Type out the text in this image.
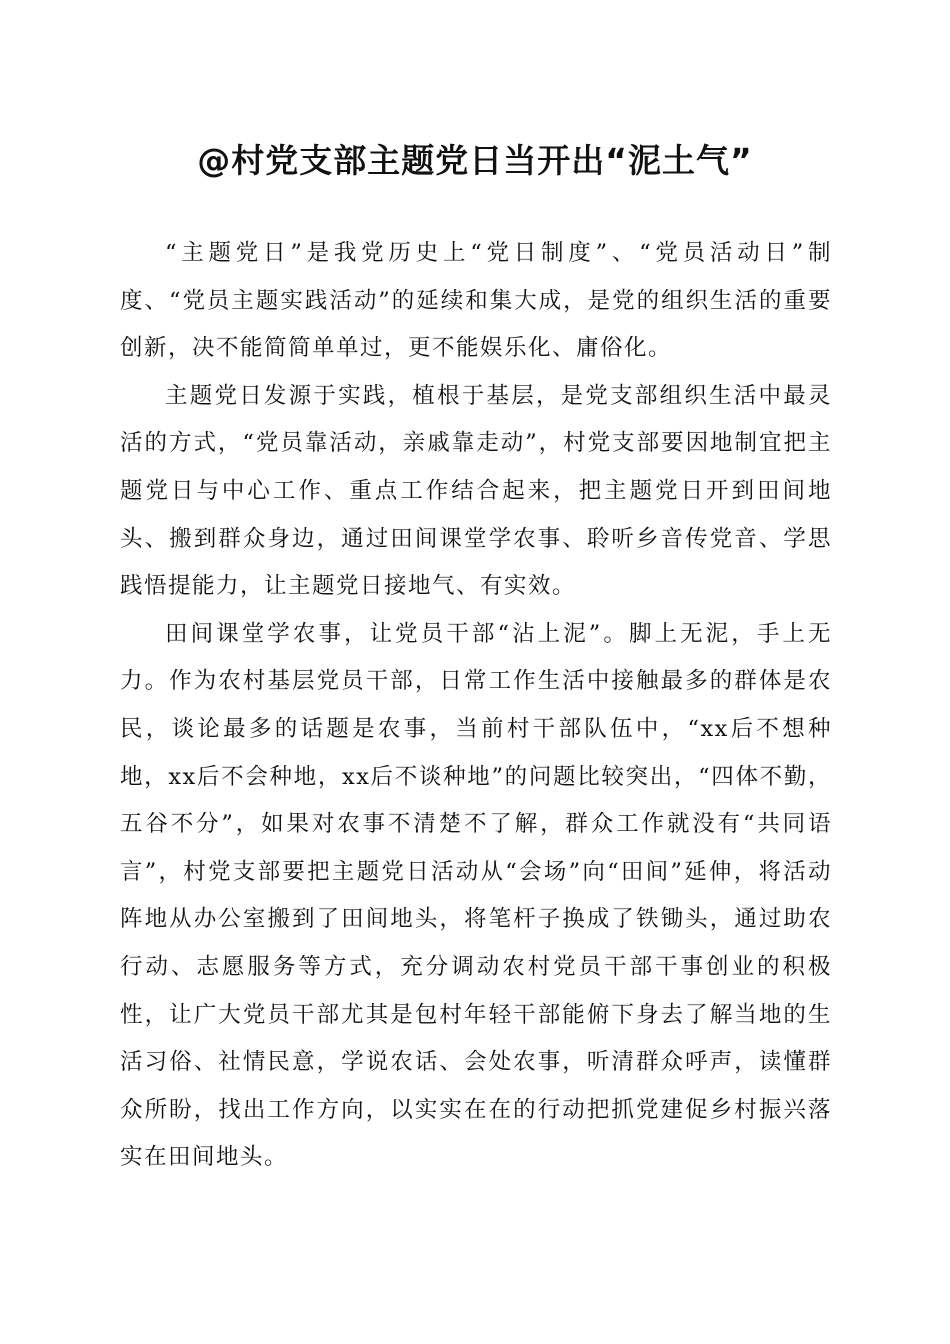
@村党支部主题党日当开出“泥土气”

“主题党日”是我党历史上“党日制度”、“党员活动日”制度、“党员主题实践活动”的延续和集大成，是党的组织生活的重要创新，决不能简简单单过，更不能娱乐化、庸俗化。

主题党日发源于实践，植根于基层，是党支部组织生活中最灵活的方式，“党员靠活动，亲戚靠走动”，村党支部要因地制宜把主题党日与中心工作、重点工作结合起来，把主题党日开到田间地头、搬到群众身边，通过田间课堂学农事、聆听乡音传党音、学思践悟提能力，让主题党日接地气、有实效。

田间课堂学农事，让党员干部“沾上泥”。脚上无泥，手上无力。作为农村基层党员干部，日常工作生活中接触最多的群体是农民，谈论最多的话题是农事，当前村干部队伍中，“xx后不想种地，xx后不会种地，xx后不谈种地”的问题比较突出，“四体不勤，五谷不分”，如果对农事不清楚不了解，群众工作就没有“共同语言”，村党支部要把主题党日活动从“会场”向“田间”延伸，将活动阵地从办公室搬到了田间地头，将笔杆子换成了铁锄头，通过助农行动、志愿服务等方式，充分调动农村党员干部干事创业的积极性，让广大党员干部尤其是包村年轻干部能俯下身去了解当地的生活习俗、社情民意，学说农话、会处农事，听清群众呼声，读懂群众所盼，找出工作方向，以实实在在的行动把抓党建促乡村振兴落实在田间地头。
